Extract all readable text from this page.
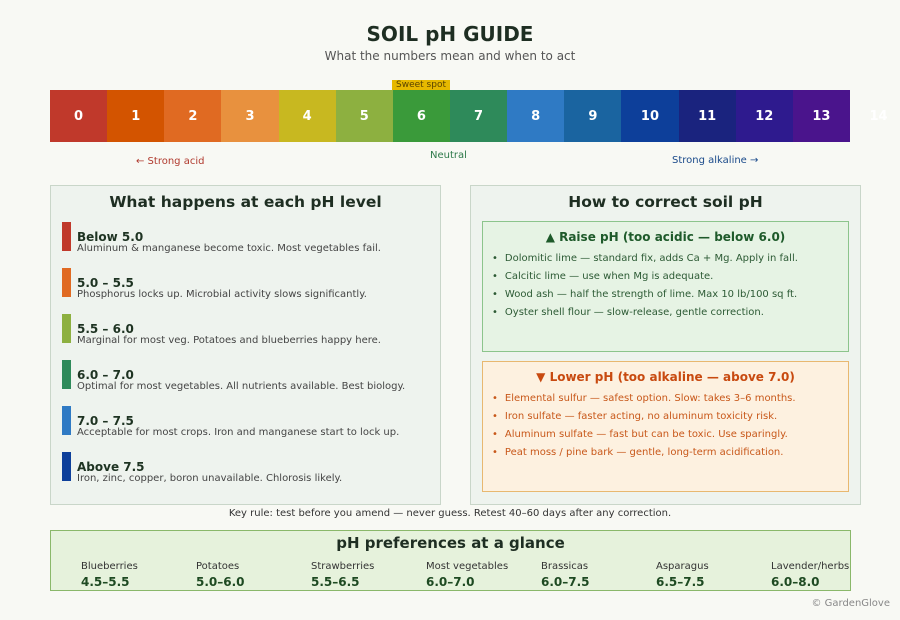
SOIL pH GUIDE
What the numbers mean and when to act
Sweet spot
0	1	2	3	4	5	6	7	8	9	10	11	12	13	14
← Strong acid
Neutral	Strong alkaline →
What happens at each pH level
Below 5.0
Aluminum & manganese become toxic. Most vegetables fail.
5.0 – 5.5
Phosphorus locks up. Microbial activity slows significantly.
5.5 – 6.0
Marginal for most veg. Potatoes and blueberries happy here.
6.0 – 7.0
Optimal for most vegetables. All nutrients available. Best biology.
7.0 – 7.5
Acceptable for most crops. Iron and manganese start to lock up.
Above 7.5
Iron, zinc, copper, boron unavailable. Chlorosis likely.
How to correct soil pH
▲ Raise pH (too acidic — below 6.0)
• Dolomitic lime — standard fix, adds Ca + Mg. Apply in fall.
• Calcitic lime — use when Mg is adequate.
• Wood ash — half the strength of lime. Max 10 lb/100 sq ft.
• Oyster shell flour — slow-release, gentle correction.
▼ Lower pH (too alkaline — above 7.0)
• Elemental sulfur — safest option. Slow: takes 3–6 months.
• Iron sulfate — faster acting, no aluminum toxicity risk.
• Aluminum sulfate — fast but can be toxic. Use sparingly.
• Peat moss / pine bark — gentle, long-term acidification.
Key rule: test before you amend — never guess. Retest 40–60 days after any correction.
pH preferences at a glance
Blueberries
4.5–5.5
Potatoes
5.0–6.0
Strawberries
5.5–6.5
Most vegetables
6.0–7.0
Brassicas
6.0–7.5
Asparagus
6.5–7.5
Lavender/herbs
6.0–8.0
© GardenGlove
